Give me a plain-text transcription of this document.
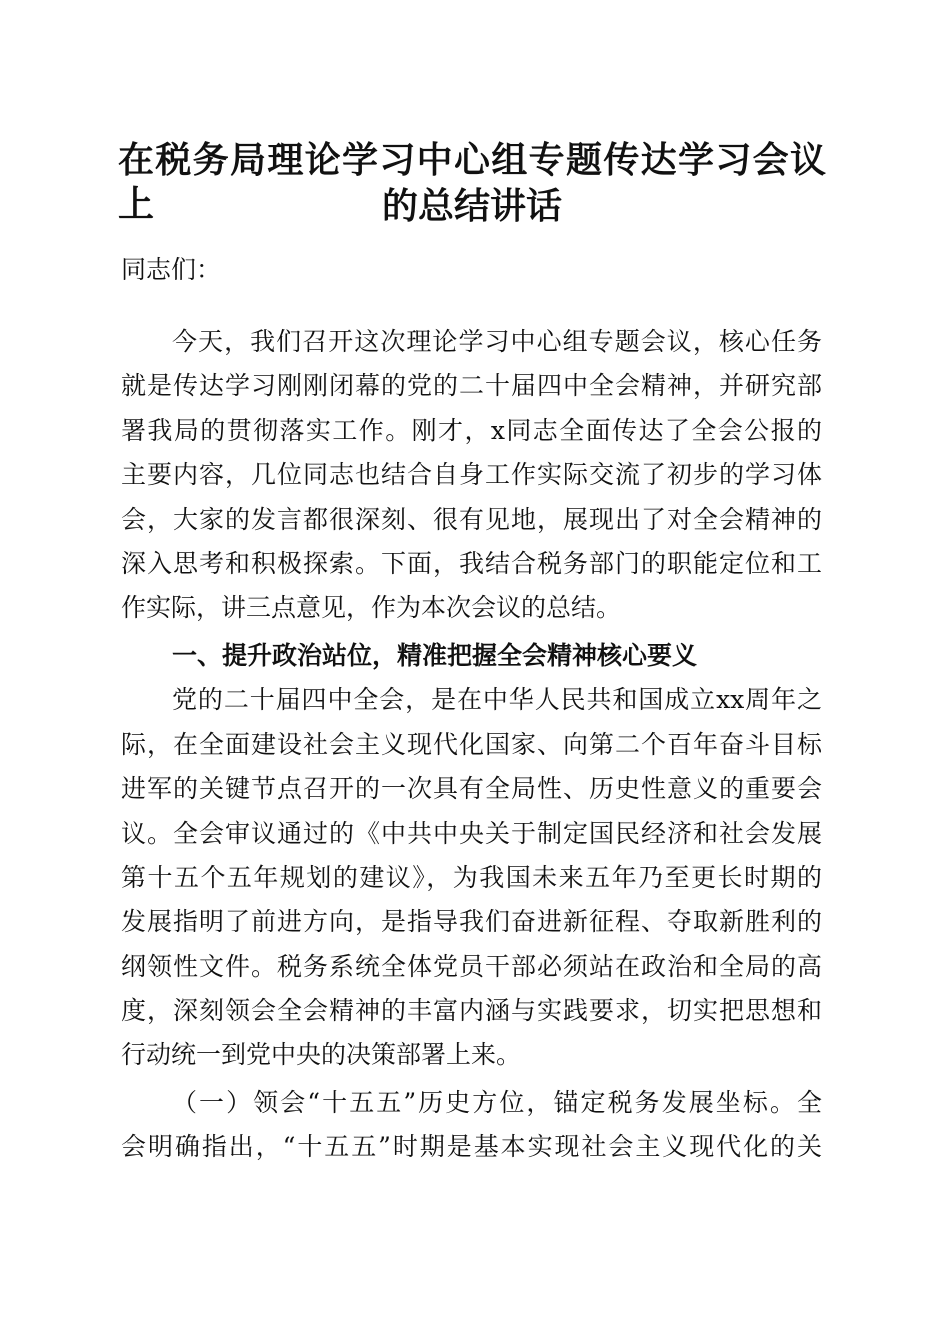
在税务局理论学习中心组专题传达学习会议上	的总结讲话
同志们：
今天，我们召开这次理论学习中心组专题会议，核心任务
就是传达学习刚刚闭幕的党的二十届四中全会精神，并研究部
署我局的贯彻落实工作。刚才，x同志全面传达了全会公报的
主要内容，几位同志也结合自身工作实际交流了初步的学习体
会，大家的发言都很深刻、很有见地，展现出了对全会精神的
深入思考和积极探索。下面，我结合税务部门的职能定位和工
作实际，讲三点意见，作为本次会议的总结。
一、提升政治站位，精准把握全会精神核心要义
党的二十届四中全会，是在中华人民共和国成立xx周年之
际，在全面建设社会主义现代化国家、向第二个百年奋斗目标
进军的关键节点召开的一次具有全局性、历史性意义的重要会
议。全会审议通过的《中共中央关于制定国民经济和社会发展
第十五个五年规划的建议》，为我国未来五年乃至更长时期的
发展指明了前进方向，是指导我们奋进新征程、夺取新胜利的
纲领性文件。税务系统全体党员干部必须站在政治和全局的高
度，深刻领会全会精神的丰富内涵与实践要求，切实把思想和
行动统一到党中央的决策部署上来。
（一）领会“十五五”历史方位，锚定税务发展坐标。全
会明确指出，“十五五”时期是基本实现社会主义现代化的关
